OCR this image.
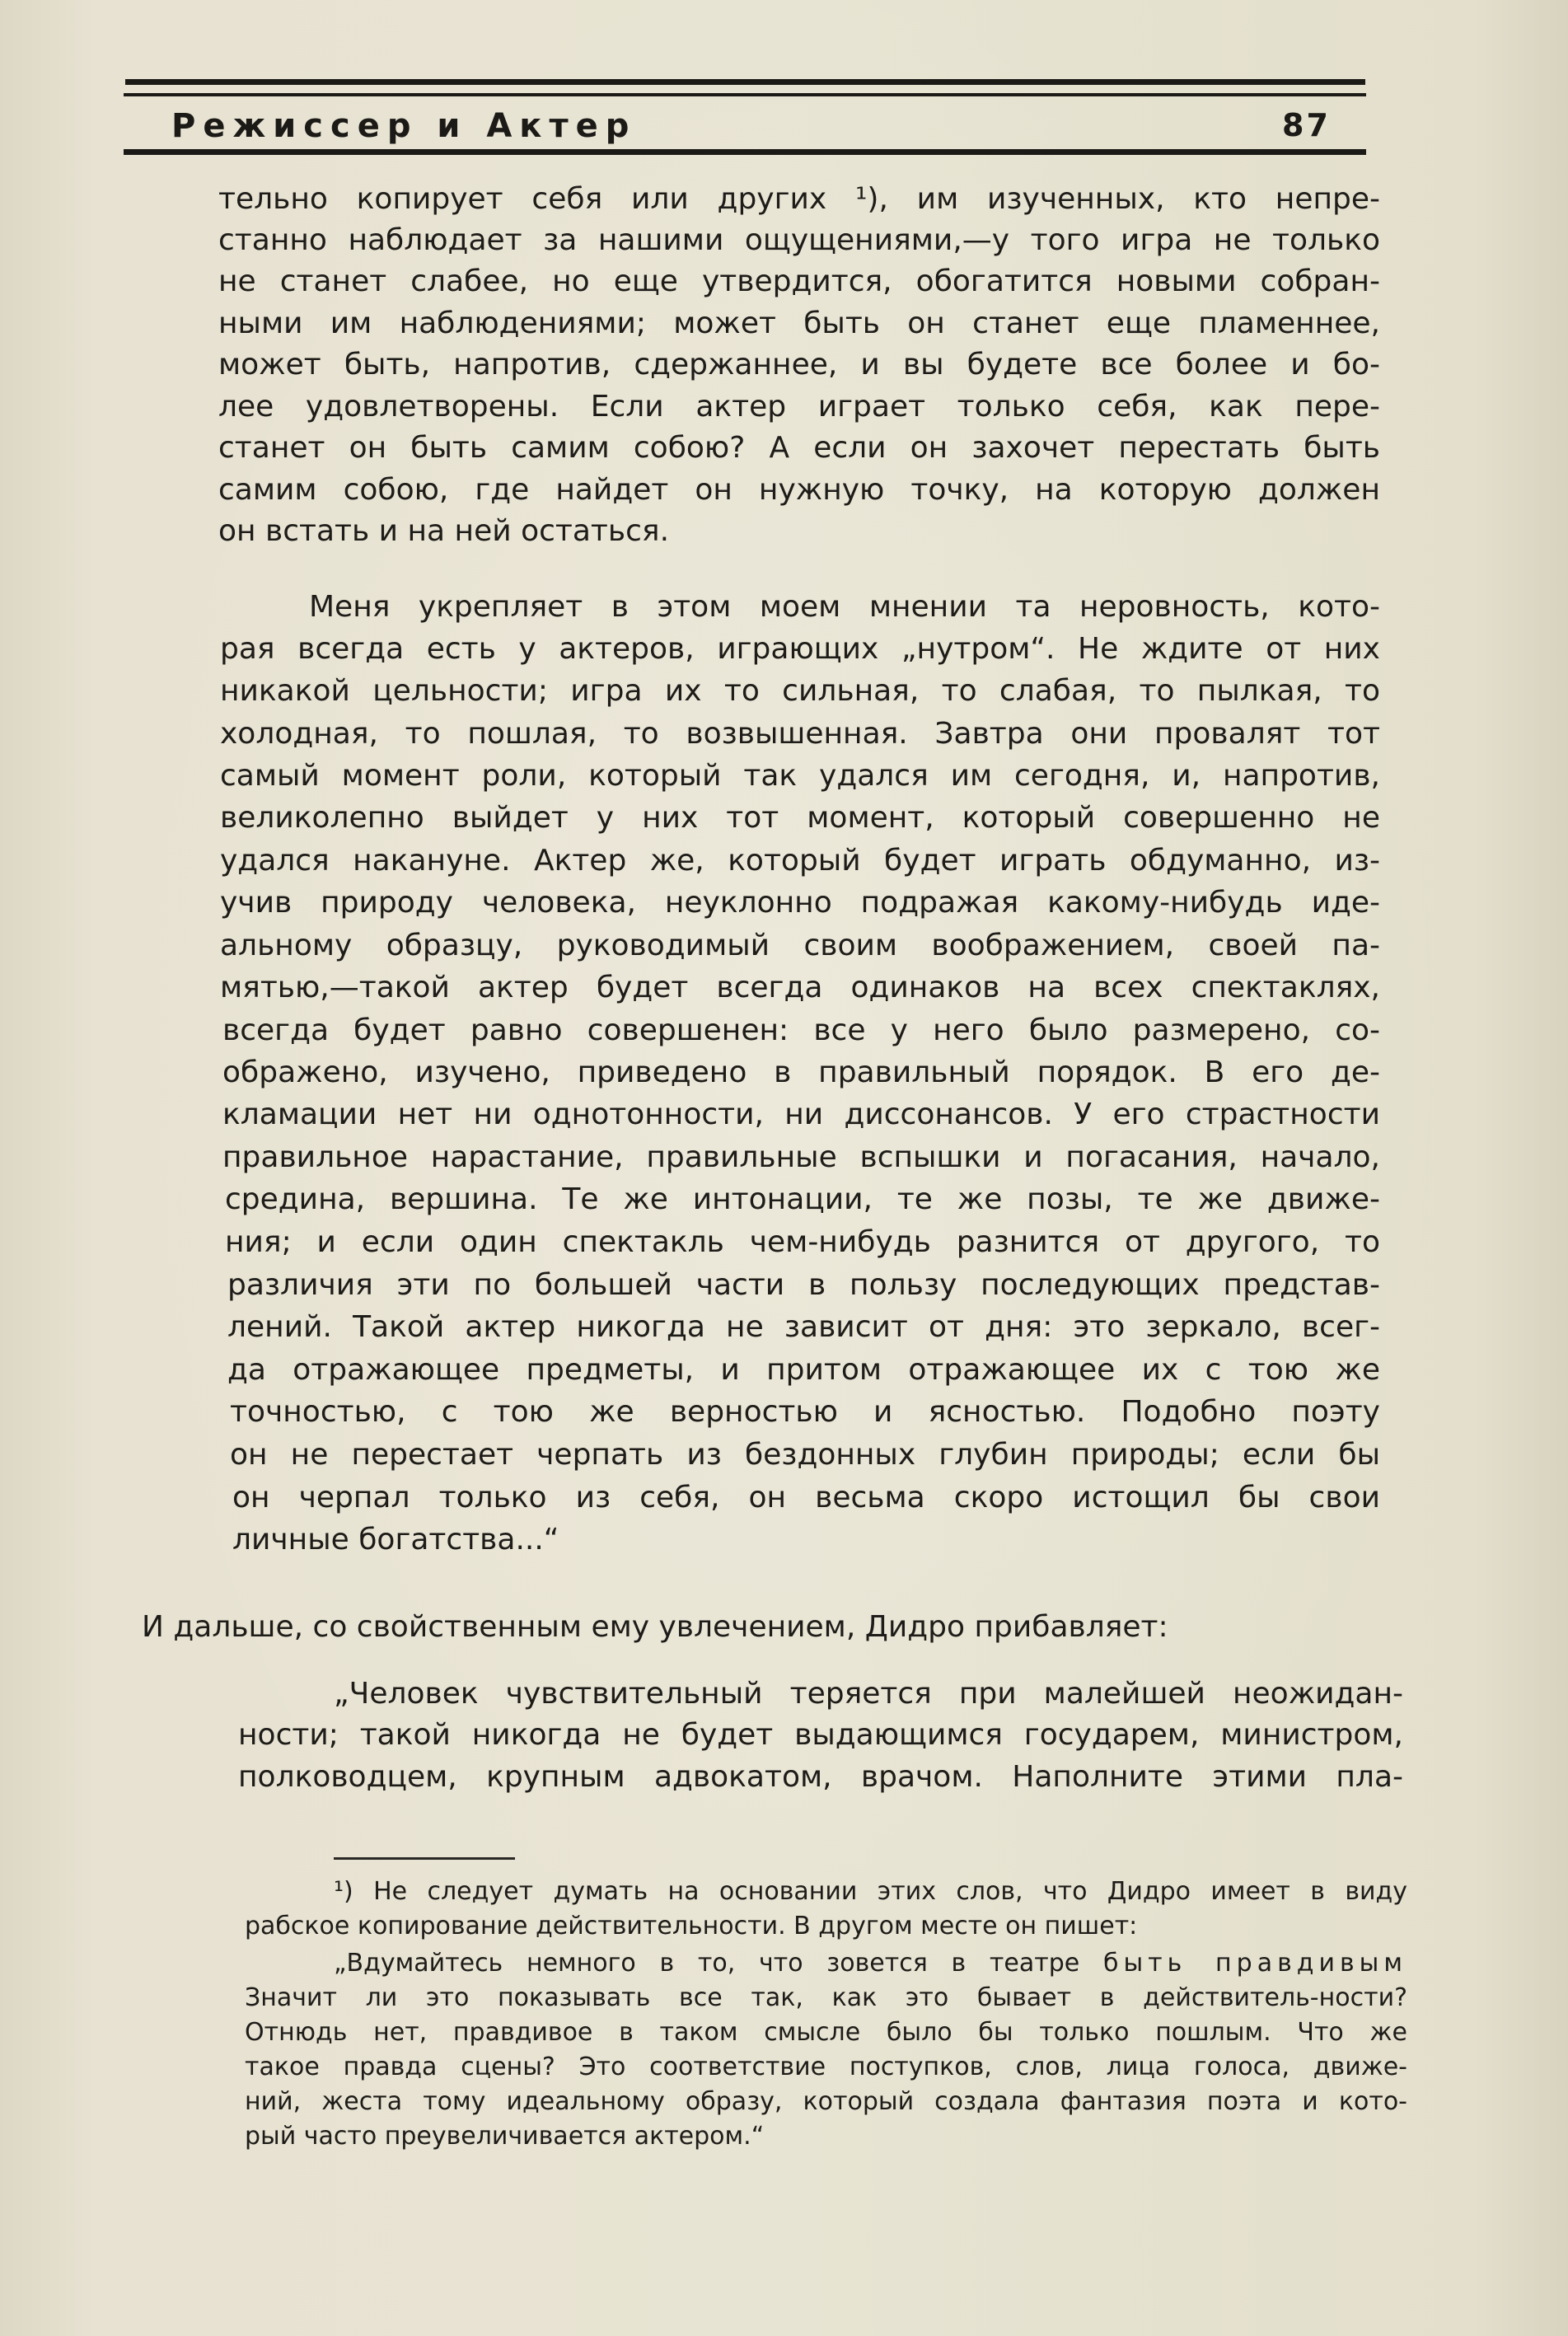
Режиссер и Актер	87
тельно копирует себя или других ¹), им изученных, кто непре-
станно наблюдает за нашими ощущениями,—у того игра не только
не станет слабее, но еще утвердится, обогатится новыми собран-
ными им наблюдениями; может быть он станет еще пламеннее,
может быть, напротив, сдержаннее, и вы будете все более и бо-
лее удовлетворены. Если актер играет только себя, как пере-
станет он быть самим собою? А если он захочет перестать быть
самим собою, где найдет он нужную точку, на которую должен
он встать и на ней остаться.
Меня укрепляет в этом моем мнении та неровность, кото-
рая всегда есть у актеров, играющих „нутром“. Не ждите от них
никакой цельности; игра их то сильная, то слабая, то пылкая, то
холодная, то пошлая, то возвышенная. Завтра они провалят тот
самый момент роли, который так удался им сегодня, и, напротив,
великолепно выйдет у них тот момент, который совершенно не
удался накануне. Актер же, который будет играть обдуманно, из-
учив природу человека, неуклонно подражая какому-нибудь иде-
альному образцу, руководимый своим воображением, своей па-
мятью,—такой актер будет всегда одинаков на всех спектаклях,
всегда будет равно совершенен: все у него было размерено, со-
ображено, изучено, приведено в правильный порядок. В его де-
кламации нет ни однотонности, ни диссонансов. У его страстности
правильное нарастание, правильные вспышки и погасания, начало,
средина, вершина. Те же интонации, те же позы, те же движе-
ния; и если один спектакль чем-нибудь разнится от другого, то
различия эти по большей части в пользу последующих представ-
лений. Такой актер никогда не зависит от дня: это зеркало, всег-
да отражающее предметы, и притом отражающее их с тою же
точностью, с тою же верностью и ясностью. Подобно поэту
он не перестает черпать из бездонных глубин природы; если бы
он черпал только из себя, он весьма скоро истощил бы свои
личные богатства...“
И дальше, со свойственным ему увлечением, Дидро прибавляет:
„Человек чувствительный теряется при малейшей неожидан-
ности; такой никогда не будет выдающимся государем, министром,
полководцем, крупным адвокатом, врачом. Наполните этими пла-
¹) Не следует думать на основании этих слов, что Дидро имеет в виду
рабское копирование действительности. В другом месте он пишет:
„Вдумайтесь немного в то, что зовется в театре быть правдивым
Значит ли это показывать все так, как это бывает в действитель-ности?
Отнюдь нет, правдивое в таком смысле было бы только пошлым. Что же
такое правда сцены? Это соответствие поступков, слов, лица голоса, движе-
ний, жеста тому идеальному образу, который создала фантазия поэта и кото-
рый часто преувеличивается актером.“
